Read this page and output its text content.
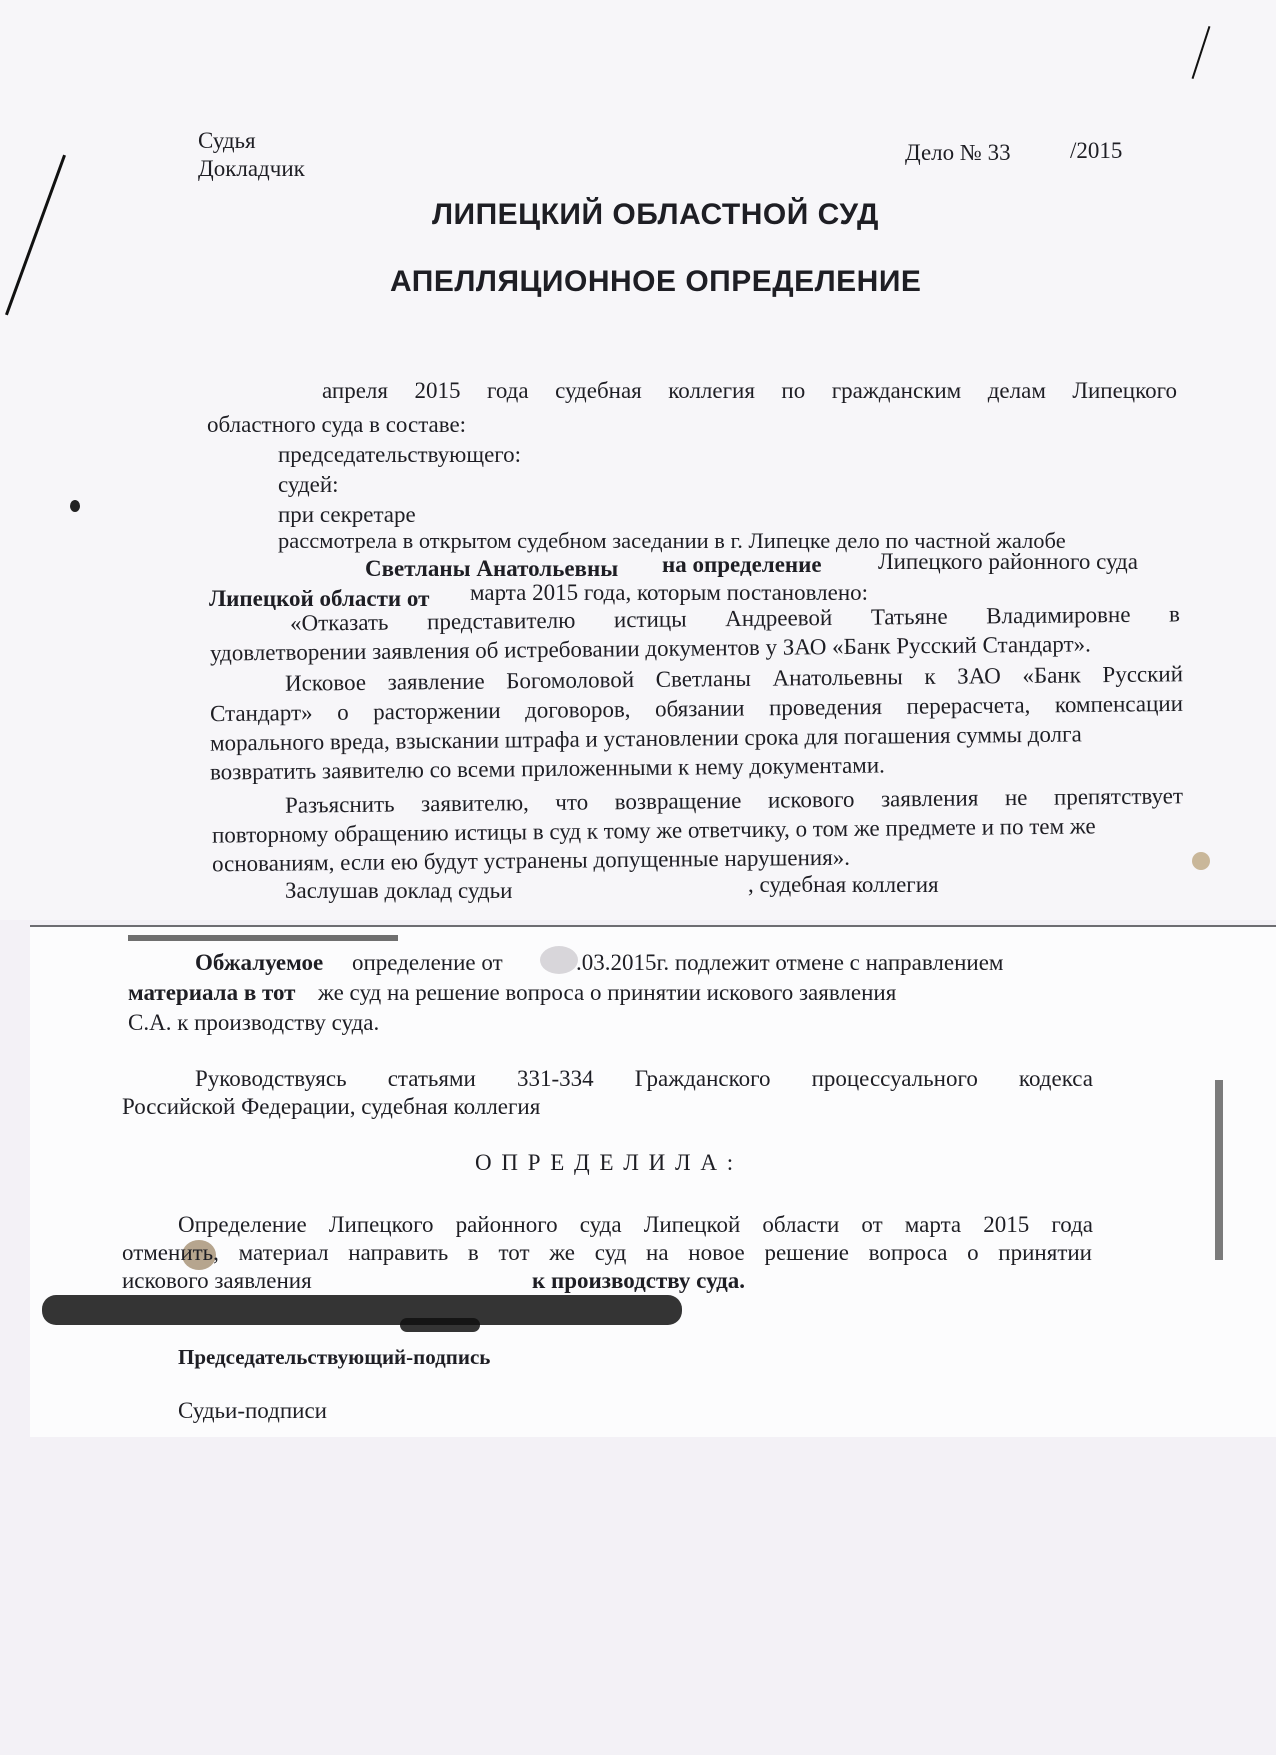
Судья
Докладчик
Дело № 33	/2015
ЛИПЕЦКИЙ ОБЛАСТНОЙ СУД
АПЕЛЛЯЦИОННОЕ ОПРЕДЕЛЕНИЕ
апреля 2015 года судебная коллегия по гражданским делам Липецкого
областного суда в составе:
председательствующего:
судей:
при секретаре
рассмотрела в открытом судебном заседании в г. Липецке дело по частной жалобе
Светланы Анатольевны на определение Липецкого районного суда
Липецкой области от марта 2015 года, которым постановлено:
«Отказать представителю истицы Андреевой Татьяне Владимировне в
удовлетворении заявления об истребовании документов у ЗАО «Банк Русский Стандарт».
Исковое заявление Богомоловой Светланы Анатольевны к ЗАО «Банк Русский
Стандарт» о расторжении договоров, обязании проведения перерасчета, компенсации
морального вреда, взыскании штрафа и установлении срока для погашения суммы долга
возвратить заявителю со всеми приложенными к нему документами.
Разъяснить заявителю, что возвращение искового заявления не препятствует
повторному обращению истицы в суд к тому же ответчику, о том же предмете и по тем же
основаниям, если ею будут устранены допущенные нарушения».
Заслушав доклад судьи	, судебная коллегия
Обжалуемое определение от	.03.2015г. подлежит отмене с направлением
материала в тот же суд на решение вопроса о принятии искового заявления
С.А. к производству суда.
Руководствуясь статьями 331-334 Гражданского процессуального кодекса
Российской Федерации, судебная коллегия
О П Р Е Д Е Л И Л А :
Определение Липецкого районного суда Липецкой области от марта 2015 года
отменить, материал направить в тот же суд на новое решение вопроса о принятии
искового заявления	к производству суда.
Председательствующий-подпись
Судьи-подписи
